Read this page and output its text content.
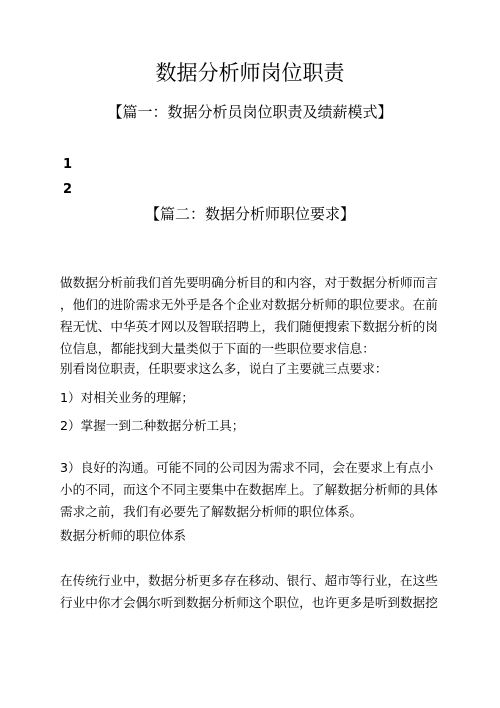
数据分析师岗位职责
【篇一：数据分析员岗位职责及绩薪模式】
1
2
【篇二：数据分析师职位要求】
做数据分析前我们首先要明确分析目的和内容，对于数据分析师而言
，他们的进阶需求无外乎是各个企业对数据分析师的职位要求。在前
程无忧、中华英才网以及智联招聘上，我们随便搜索下数据分析的岗
位信息，都能找到大量类似于下面的一些职位要求信息：
别看岗位职责，任职要求这么多，说白了主要就三点要求：
1）对相关业务的理解；
2）掌握一到二种数据分析工具；
3）良好的沟通。可能不同的公司因为需求不同，会在要求上有点小
小的不同，而这个不同主要集中在数据库上。了解数据分析师的具体
需求之前，我们有必要先了解数据分析师的职位体系。
数据分析师的职位体系
在传统行业中，数据分析更多存在移动、银行、超市等行业，在这些
行业中你才会偶尔听到数据分析师这个职位，也许更多是听到数据挖
